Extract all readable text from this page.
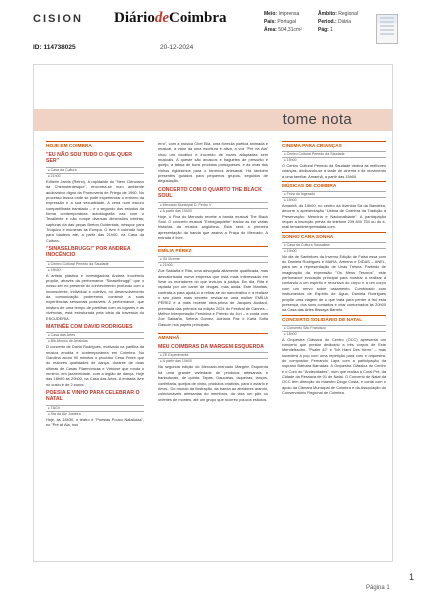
CISION DiáriodeCoimbra	Meio: Imprensa
País: Portugal
Área: 504,31cm²
Âmbito: Regional
Period.: Diária
Pág: 1
ID: 114738025	20-12-2024
tome nota
HOJE EM COIMBRA
"EU NÃO SOU TUDO O QUE QUER SER"
■ Casa da Cultura
■ 21h00
Edhelin Jarvis (Reino), à rapidalide do "Nem Ciênciano da Chemoterdesque", encontra-se num ambiente audiovisivo digno da Promoveria de Priego de 1960. No processo busca onde se pode experienciar o entorno da expressão e a sua sexualidade. A cena num escuro compartilhada transtado – é o segundo dos estudos da forma contemporânea autobiografia nas com o Tecaliente e não rompe diversas dimensões inteiras; capturas da das peças Breton Ocidentais, nesspor para Tróquico e inúmeras às Europa. O livro é cobrado hoje para Idadecs até, a partir das 21h00, na Casa da Cultura.
"SINASELBRUGG!" POR ANDREA INOCÊNCIO
■ Centro Cultural Penedo da Saudade
■ 18h30
A artista plástica e investigadora Andrea Inocêncio propõe, através da performance "Sinaselbrugg!" que o nosso ser no presente do conhecimento profundo com o inconsciente, individual e coletivo, no desenvolvimento da comunicação poderemos construir a suas experiências sensoriais possíveis. A performance, que mistura de uma tempo de partilhas com os lugares e as vivências, está estruturada pela ideia da travessia do ESCUDERIA.
MATINÉE COM DAVID RODRIGUES
■ Casa das Artes
■ Bib Afonso de Arraiolas
O concerto de David Rodrigues, motivado na partilha da música erudita e contemporânea em Coimbra. No Garolina acoro 90 minutos o produtor Cesa Freire que do maiores qualidades de dança, durante de duas últimas de Casas Filarmónicas e Virtuose que ronda o mínimo, em jazzmeldade, com a legião de dança. Hoje das 18h00 às 20h00, na Casa das Artes. A entrada livre no custo é de 2 euros.
POESIA E VINHO PARA CELEBRAR O NATAL
■ TAGV
■ Sta da Ale Justeira
Hoje, às 18h30, o teatro é "Poesias Pouco Natalícias", no "Pré at Ala, nos
erro", com a música Chef Ella, uma fórmula poética animada e musical, a valor da uma escritura e ativa, a voz "Pré na Ala" chou um vocálico e incorrido de vozes adaptadas sem musicais. A queste são arcaicos e baguetes de presunto e queijo, a tábua de bons produtos portugueses, e às uvas dos vinhos rigidísimos para o terrenos artesanal. Há também presentes guiados para pequenos grupos, seguidos de degustação.
CONCERTO COM O QUARTO THE BLACK SOUL
■ Mercado Municipal D. Pedro V
■ A partir das 10h00
Hoje, o Fixa do Mercado recebe a banda musical The Black Soul. O concerto musical "Entregaquiétie" traduz as em várias histórias da música anglófona. Está será a primeira apresentação da banda que assina a Praça do Mercado. A entrada é livre.
EMÍLIA PÉREZ
■ Gil Vicente
■ 21h00
Zoe Saldaña e Rita, uma advogada altamente qualificada, mas desvalorizada numa empresa que está mais interessada em livrar os moradores do que levá-los à justiça. Em dia, Rita é raptada por um cartel de drogas, mas ainda. Este Manitas, contrata-a para ajudá-lo a retirar-se do narcotráfico e a realizar o seu plano mais secreto: revisar-se uma mulher EMÍLIA PÉREZ é a mais recente obra-prima de Jacques Audiard, premiada das prêmios na edição 2024 do Festival de Cannes – Melhor Interpretação Feminina e Prémio do Júri – e conta com Zoe Saldaña, Selena Gomez, Adriana Paz e Karla Sofia Gascón nos papéis principais.
AMANHÃ
MEU COIMBRAS DA MARGEM ESQUERDA
■ ZE Experimenta
■ A partir das 10h00
Na segunda edição do Mercado-mercado Margem Esquerda há uma grande variedade de produtos artesanais e banbuturais, de quinta: Tapas, Gaucaras, laqueiras, lanços, confeitaria, queijos de vinho, produtos criativos, para o aviário e livros.. Do mundo da ilustração, da banda ao abridores arando, colecionáveis artesanias do membros, da vida um pão ou orientes de montes, até um grupo que ocorreu poucos estudos.
CINEMA PARA CRIANÇAS
■ Centro Cultural Penedo da Saudade
■ 15h00
O Centro Cultural Penedo da Saudade dedica às melhores crianças, dedicando-se a tarde de cinema e de movimento a uma familiar. Amanhã, a partir das 15h00.
MÚSICAS DE COIMBRA
■ Feira do Ingerado
■ 15h00
Amanhã, às 15h00, no centro da Avenida Sá da Bandeira, decorre a apresentação "Lisboa de Coimbra da Tradição à Preservação: Memória e Nacionalidade". A participação requer a inscrição prévia do telefone 239 840 754 ou do e-mail ternaminterpretadata.com.
SONHO CARA SONHA
■ Casa da Cultura Sausaliwe
■ 19h00
No dia de Sanfelices da Inverno Edição de Faixa essa com do Daniela Rodrigues e MARA, Arthena e DIDAS – ANEL, para ser a representação de Unas Trésna. Partindo de imaginação da expressão "Os Meus Tesoros", este perfomance evocação principal para mostrar a realizar a contando a um espírito e recursiva do corpo e a um corpo com um nervo sobre casamento. Combinado com instrumentos de Espírito de Água, Daniela Rodrigues propõe uma viagem de o que trata para perder a frui esta presença, dos sons contados e criar contornados às 20h00 na Casa das Artes Bissaya Barreto.
CONCERTO SOLIDÁRIO DE NATAL
■ Convento São Francisco
■ 18h00
A Orquestra Clássica do Centro (OCC) apresenta um concerto que prestar dedicado a três corpos de Este Mendelssohn. "Psalm 42" e "Ich Harrt Des Herrn" – mas sucederá à pop com uma repetição para coro e orquestra, do compositor Fernando Lapa com a participação da soprano Bárbara Barradas. A Orquestra Clássica do Centro e o Coro do "Andecidades", num que realiza a Coral Pré, da Cidade da Ressaca de 01 de Natal. O Concerto de Natal da OCC tem direcção do maestro Diogo Costa, e conta com o apoio da Câmara Municipal de Coimbra e da Associação do Conservatório Regional de Coimbra.
1
Página 1
